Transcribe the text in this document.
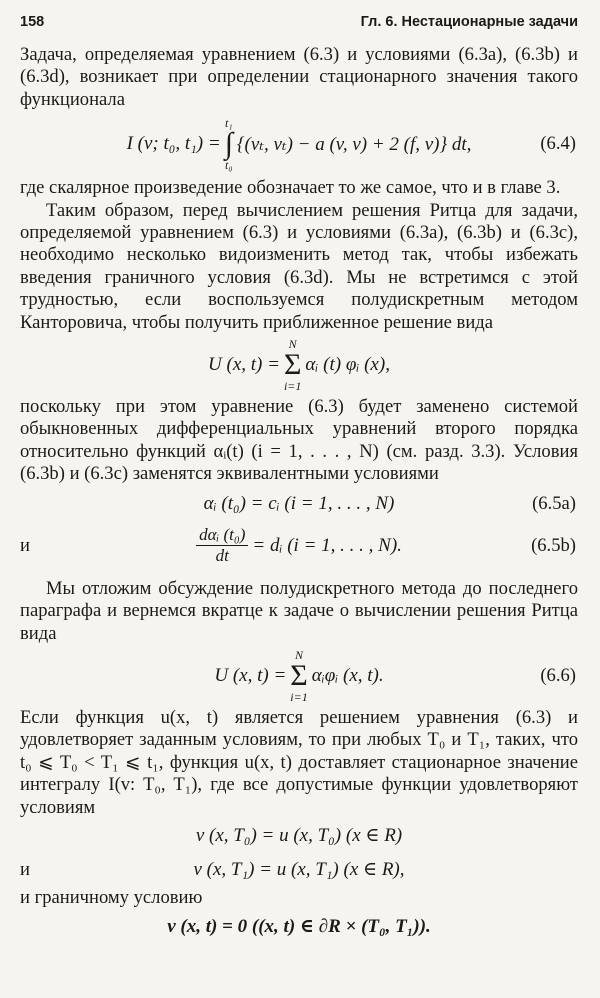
158	Гл. 6. Нестационарные задачи

Задача, определяемая уравнением (6.3) и условиями (6.3a), (6.3b) и (6.3d), возникает при определении стационарного значения такого функционала

I (v; t₀, t₁) =
t₁
∫
t₀
{(vₜ, vₜ) − a (v, v) + 2 (f, v)} dt,	(6.4)

где скалярное произведение обозначает то же самое, что и в главе 3.

Таким образом, перед вычислением решения Ритца для задачи, определяемой уравнением (6.3) и условиями (6.3a), (6.3b) и (6.3c), необходимо несколько видоизменить метод так, чтобы избежать введения граничного условия (6.3d). Мы не встретимся с этой трудностью, если воспользуемся полудискретным методом Канторовича, чтобы получить приближенное решение вида

U (x, t) =
N
Σ
i=1
αᵢ (t) φᵢ (x),

поскольку при этом уравнение (6.3) будет заменено системой обыкновенных дифференциальных уравнений второго порядка относительно функций αᵢ(t) (i = 1, . . . , N) (см. разд. 3.3). Условия (6.3b) и (6.3c) заменятся эквивалентными условиями

αᵢ (t₀) = cᵢ (i = 1, . . . , N)	(6.5a)
и	$\frac{\text{dαᵢ (t₀)}}{dt}$ = dᵢ (i = 1, . . . , N).	(6.5b)

Мы отложим обсуждение полудискретного метода до последнего параграфа и вернемся вкратце к задаче о вычислении решения Ритца вида

U (x, t) =
N
Σ
i=1
αᵢφᵢ (x, t).	(6.6)

Если функция u(x, t) является решением уравнения (6.3) и удовлетворяет заданным условиям, то при любых T₀ и T₁, таких, что t₀ ⩽ T₀ < T₁ ⩽ t₁, функция u(x, t) доставляет стационарное значение интегралу I(v: T₀, T₁), где все допустимые функции удовлетворяют условиям

v (x, T₀) = u (x, T₀) (x ∈ R)
и	v (x, T₁) = u (x, T₁) (x ∈ R),

и граничному условию

v (x, t) = 0 ((x, t) ∈ ∂R × (T₀, T₁)).
